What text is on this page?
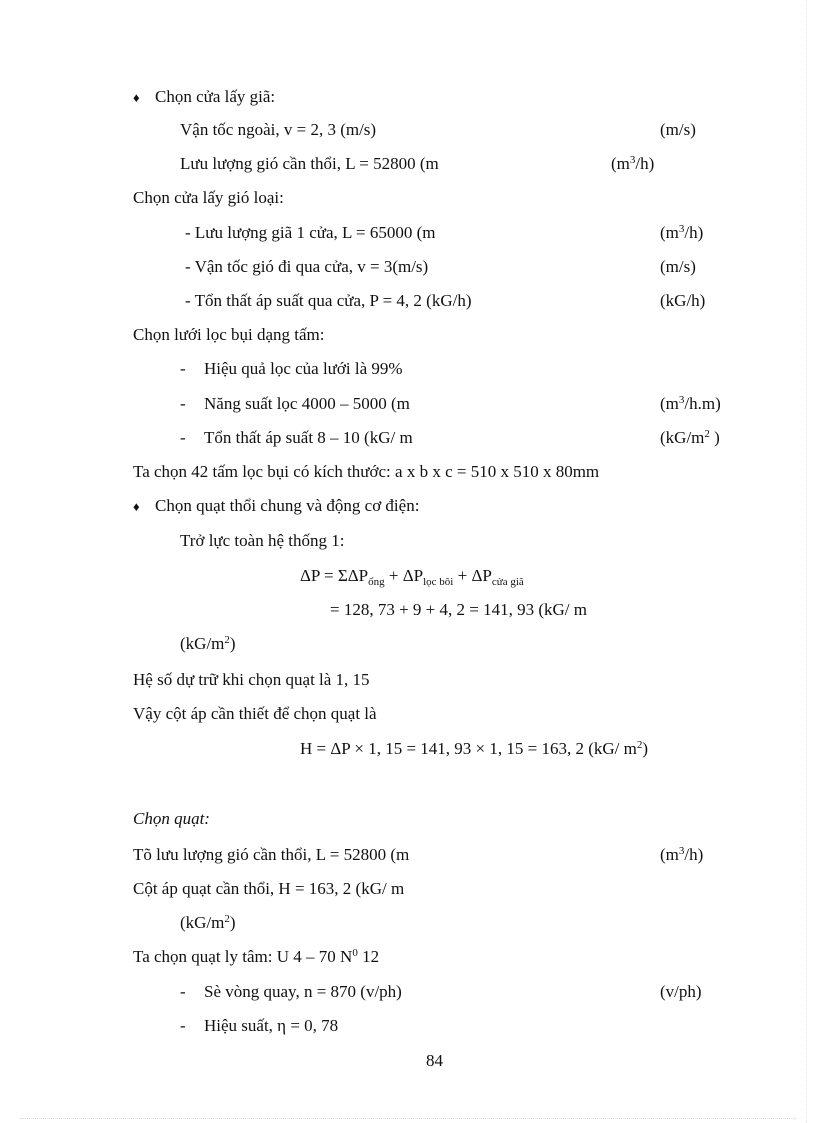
♦ Chọn cửa lấy giã:
Vận tốc ngoài, v = 2, 3 (m/s)	(m/s)
Lưu lượng gió cần thổi, L = 52800 (m	$(m^3/h)$
Chọn cửa lấy gió loại:
- Lưu lượng giã 1 cửa, L = 65000 (m	$(m^3/h)$
- Vận tốc gió đi qua cửa, v = 3(m/s)	(m/s)
- Tổn thất áp suất qua cửa, P = 4, 2 (kG/h)	(kG/h)
Chọn lưới lọc bụi dạng tấm:
- Hiệu quả lọc của lưới là 99%
- Năng suất lọc 4000 – 5000 (m	$(m^3/h.m)$
- Tổn thất áp suất 8 – 10 (kG/ m	($kG/m^2$ )
Ta chọn 42 tấm lọc bụi có kích thước: a x b x c = 510 x 510 x 80mm
♦ Chọn quạt thổi chung và động cơ điện:
Trở lực toàn hệ thống 1:
$\Delta P = \Sigma\Delta P_{ống} + \Delta P_{lọc bôi} + \Delta P_{cửa giã}$
= 128, 73 + 9 + 4, 2 = 141, 93 (kG/ m
$(kG/m^2)$
Hệ số dự trữ khi chọn quạt là 1, 15
Vậy cột áp cần thiết để chọn quạt là
H = ΔP × 1, 15 = 141, 93 × 1, 15 = 163, 2 (kG/ $m^2$)
Chọn quạt:
Tõ lưu lượng gió cần thổi, L = 52800 (m	$(m^3/h)$
Cột áp quạt cần thổi, H = 163, 2 (kG/ m
$(kG/m^2)$
Ta chọn quạt ly tâm: U 4 – 70 $N^0$ 12
- Sè vòng quay, n = 870 (v/ph)	(v/ph)
- Hiệu suất, η = 0, 78
84
